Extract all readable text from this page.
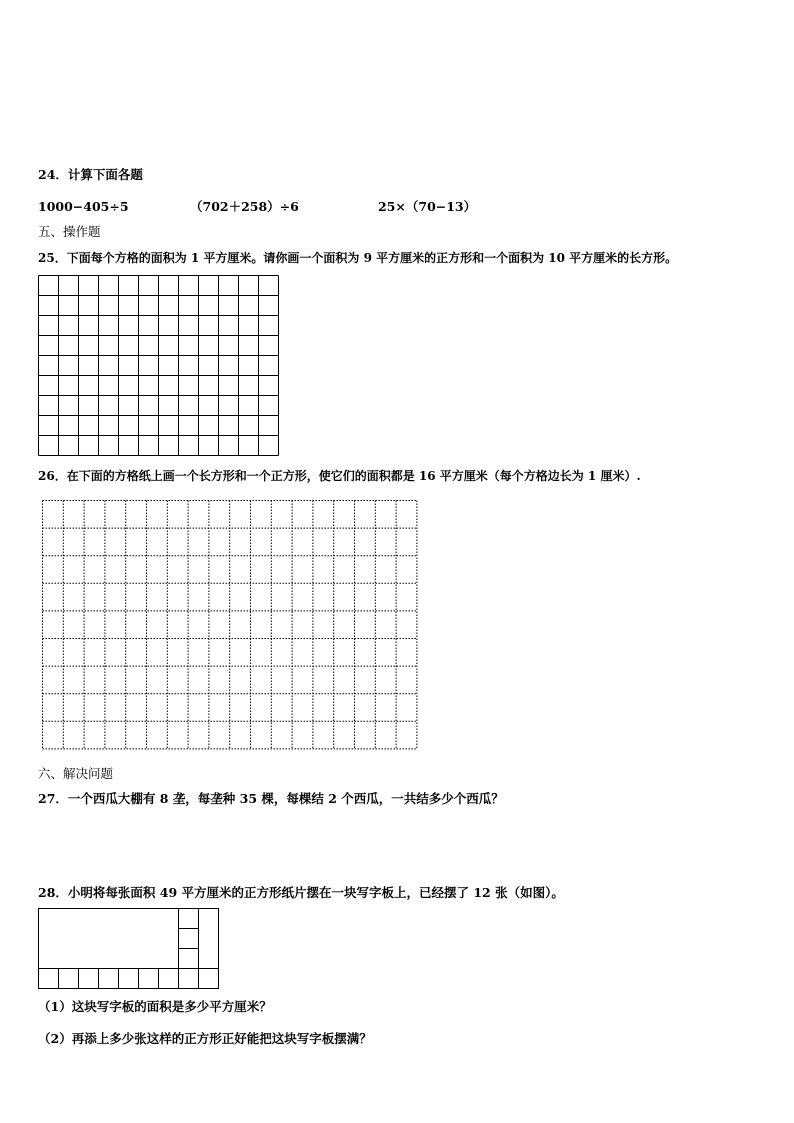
24．计算下面各题
1000−405÷5	（702＋258）÷6	25×（70−13）
五、操作题
25．下面每个方格的面积为 1 平方厘米。请你画一个面积为 9 平方厘米的正方形和一个面积为 10 平方厘米的长方形。
26．在下面的方格纸上画一个长方形和一个正方形，使它们的面积都是 16 平方厘米（每个方格边长为 1 厘米）.
六、解决问题
27．一个西瓜大棚有 8 垄，每垄种 35 棵，每棵结 2 个西瓜，一共结多少个西瓜？
28．小明将每张面积 49 平方厘米的正方形纸片摆在一块写字板上，已经摆了 12 张（如图）。
（1）这块写字板的面积是多少平方厘米？
（2）再添上多少张这样的正方形正好能把这块写字板摆满？
